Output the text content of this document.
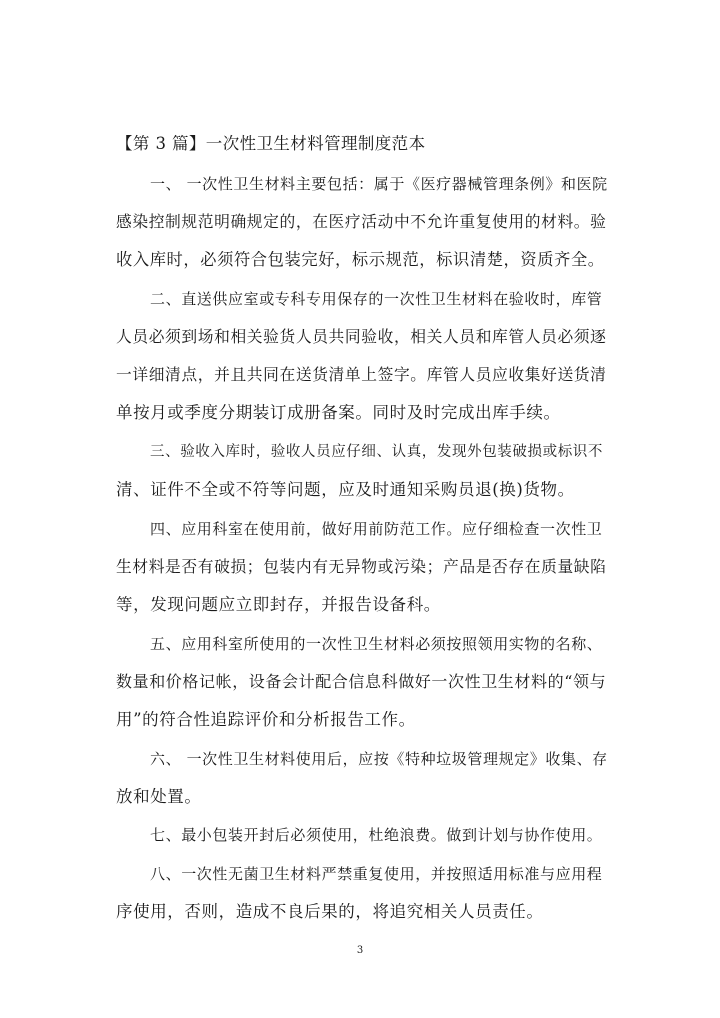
【第 3 篇】一次性卫生材料管理制度范本
一、 一次性卫生材料主要包括：属于《医疗器械管理条例》和医院
感染控制规范明确规定的，在医疗活动中不允许重复使用的材料。验
收入库时，必须符合包装完好，标示规范，标识清楚，资质齐全。
二、直送供应室或专科专用保存的一次性卫生材料在验收时，库管
人员必须到场和相关验货人员共同验收，相关人员和库管人员必须逐
一详细清点，并且共同在送货清单上签字。库管人员应收集好送货清
单按月或季度分期装订成册备案。同时及时完成出库手续。
三、验收入库时，验收人员应仔细、认真，发现外包装破损或标识不
清、证件不全或不符等问题，应及时通知采购员退(换)货物。
四、应用科室在使用前，做好用前防范工作。应仔细检查一次性卫
生材料是否有破损；包装内有无异物或污染；产品是否存在质量缺陷
等，发现问题应立即封存，并报告设备科。
五、应用科室所使用的一次性卫生材料必须按照领用实物的名称、
数量和价格记帐，设备会计配合信息科做好一次性卫生材料的“领与
用”的符合性追踪评价和分析报告工作。
六、 一次性卫生材料使用后，应按《特种垃圾管理规定》收集、存
放和处置。
七、最小包装开封后必须使用，杜绝浪费。做到计划与协作使用。
八、一次性无菌卫生材料严禁重复使用，并按照适用标准与应用程
序使用，否则，造成不良后果的，将追究相关人员责任。
3
